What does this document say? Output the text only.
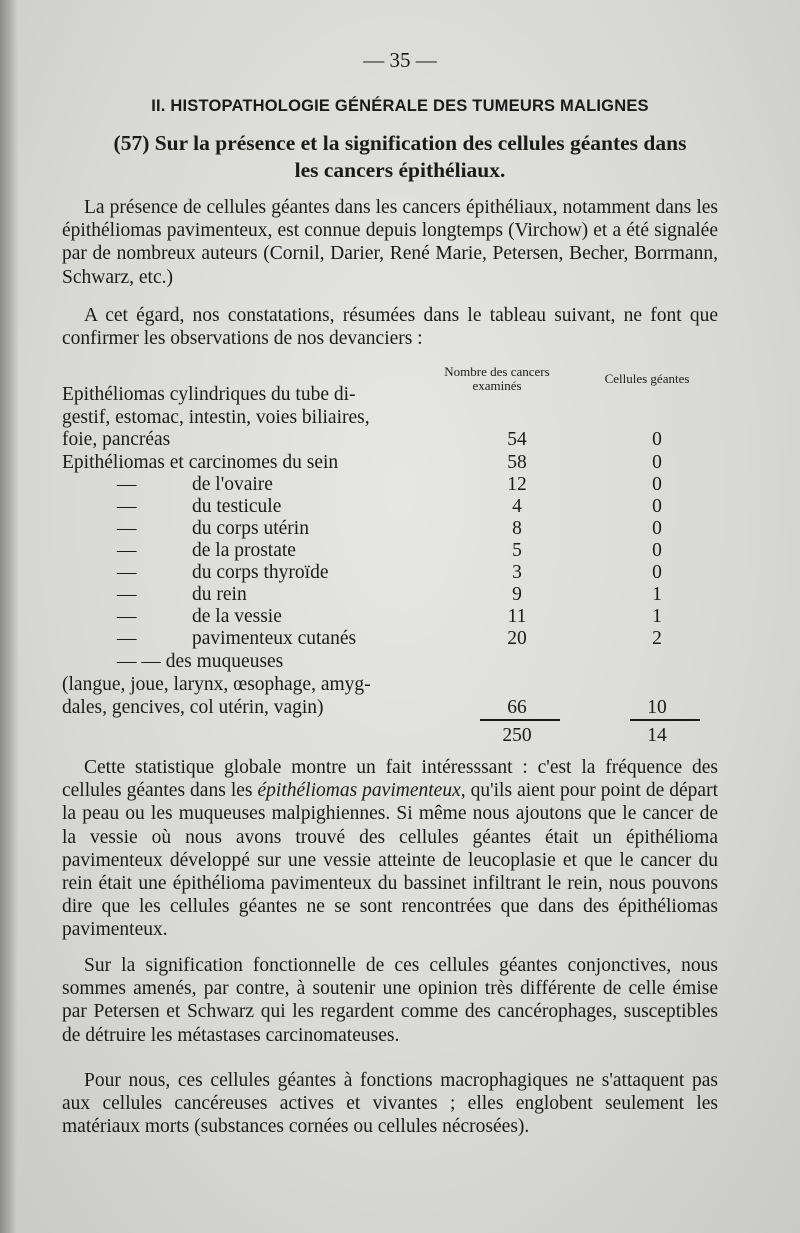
— 35 —
II. HISTOPATHOLOGIE GÉNÉRALE DES TUMEURS MALIGNES
(57) Sur la présence et la signification des cellules géantes dans
les cancers épithéliaux.
La présence de cellules géantes dans les cancers épithéliaux, notamment dans les épithéliomas pavimenteux, est connue depuis longtemps (Virchow) et a été signalée par de nombreux auteurs (Cornil, Darier, René Marie, Petersen, Becher, Borrmann, Schwarz, etc.)
A cet égard, nos constatations, résumées dans le tableau suivant, ne font que confirmer les observations de nos devanciers :
Nombre des cancers examinés	Cellules géantes
Epithéliomas cylindriques du tube di-
gestif, estomac, intestin, voies biliaires,
foie, pancréas	54	0
Epithéliomas et carcinomes du sein	58	0
—	de l'ovaire	12	0
—	du testicule	4	0
—	du corps utérin	8	0
—	de la prostate	5	0
—	du corps thyroïde	3	0
—	du rein	9	1
—	de la vessie	11	1
—	pavimenteux cutanés	20	2
— — des muqueuses
(langue, joue, larynx, œsophage, amyg-
dales, gencives, col utérin, vagin)	66	10
250	14
Cette statistique globale montre un fait intéresssant : c'est la fréquence des cellules géantes dans les épithéliomas pavimenteux, qu'ils aient pour point de départ la peau ou les muqueuses malpighiennes. Si même nous ajoutons que le cancer de la vessie où nous avons trouvé des cellules géantes était un épithélioma pavimenteux développé sur une vessie atteinte de leucoplasie et que le cancer du rein était une épithélioma pavimenteux du bassinet infiltrant le rein, nous pouvons dire que les cellules géantes ne se sont rencontrées que dans des épithéliomas pavimenteux.
Sur la signification fonctionnelle de ces cellules géantes conjonctives, nous sommes amenés, par contre, à soutenir une opinion très différente de celle émise par Petersen et Schwarz qui les regardent comme des cancérophages, susceptibles de détruire les métastases carcinomateuses.
Pour nous, ces cellules géantes à fonctions macrophagiques ne s'attaquent pas aux cellules cancéreuses actives et vivantes ; elles englobent seulement les matériaux morts (substances cornées ou cellules nécrosées).
